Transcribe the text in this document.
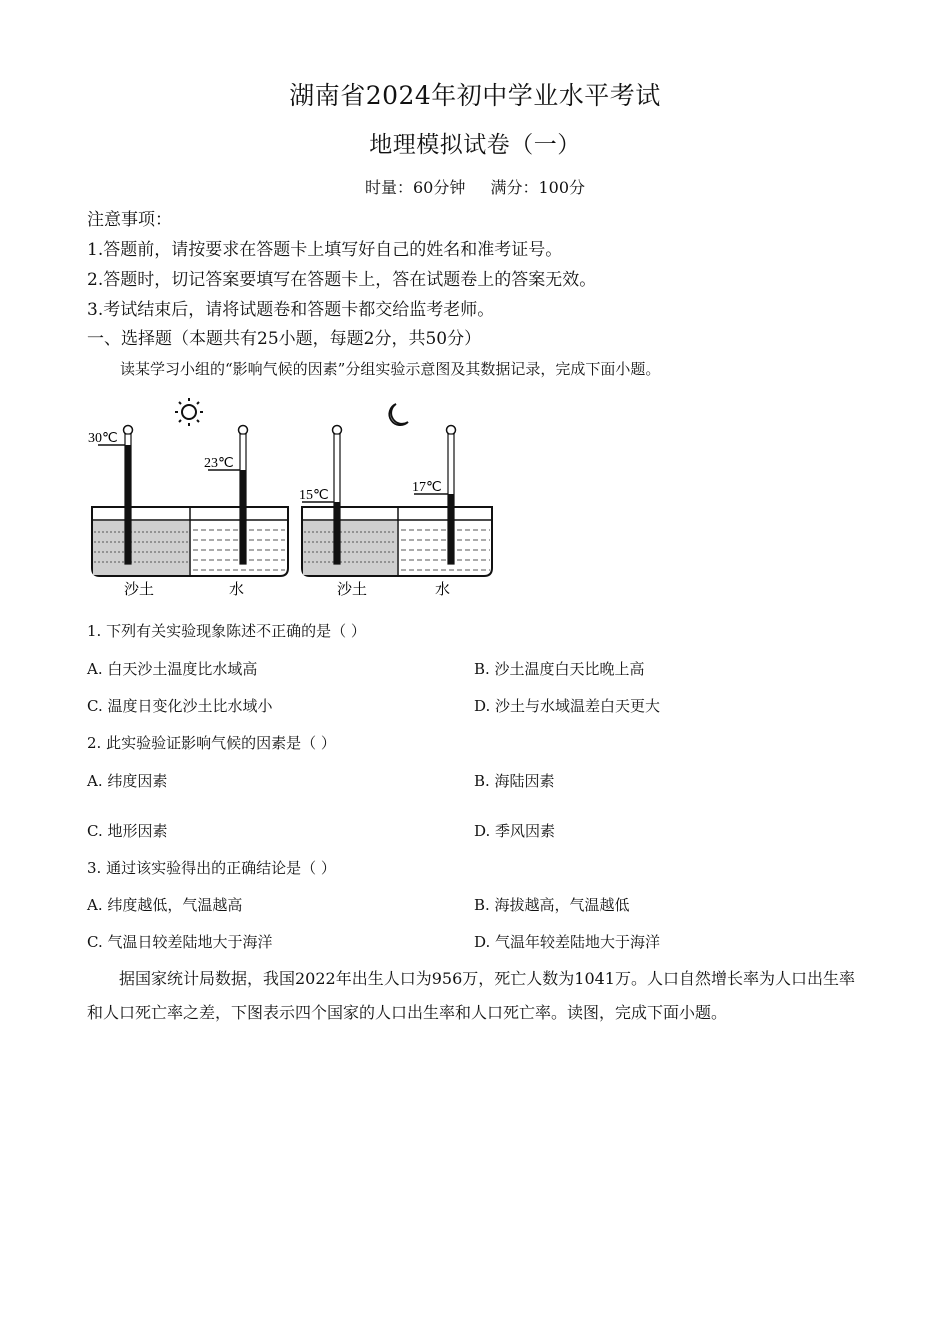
湖南省2024年初中学业水平考试
地理模拟试卷（一）
时量：60分钟 满分：100分
注意事项：
1.答题前，请按要求在答题卡上填写好自己的姓名和准考证号。
2.答题时，切记答案要填写在答题卡上，答在试题卷上的答案无效。
3.考试结束后，请将试题卷和答题卡都交给监考老师。
一、选择题（本题共有25小题，每题2分，共50分）
读某学习小组的“影响气候的因素”分组实验示意图及其数据记录，完成下面小题。
30℃
23℃
15℃
17℃
沙土	水	沙土	水
1. 下列有关实验现象陈述不正确的是（ ）
A. 白天沙土温度比水域高	B. 沙土温度白天比晚上高
C. 温度日变化沙土比水域小	D. 沙土与水域温差白天更大
2. 此实验验证影响气候的因素是（ ）
A. 纬度因素	B. 海陆因素
C. 地形因素	D. 季风因素
3. 通过该实验得出的正确结论是（ ）
A. 纬度越低，气温越高	B. 海拔越高，气温越低
C. 气温日较差陆地大于海洋	D. 气温年较差陆地大于海洋
据国家统计局数据，我国2022年出生人口为956万，死亡人数为1041万。人口自然增长率为人口出生率和人口死亡率之差，下图表示四个国家的人口出生率和人口死亡率。读图，完成下面小题。
